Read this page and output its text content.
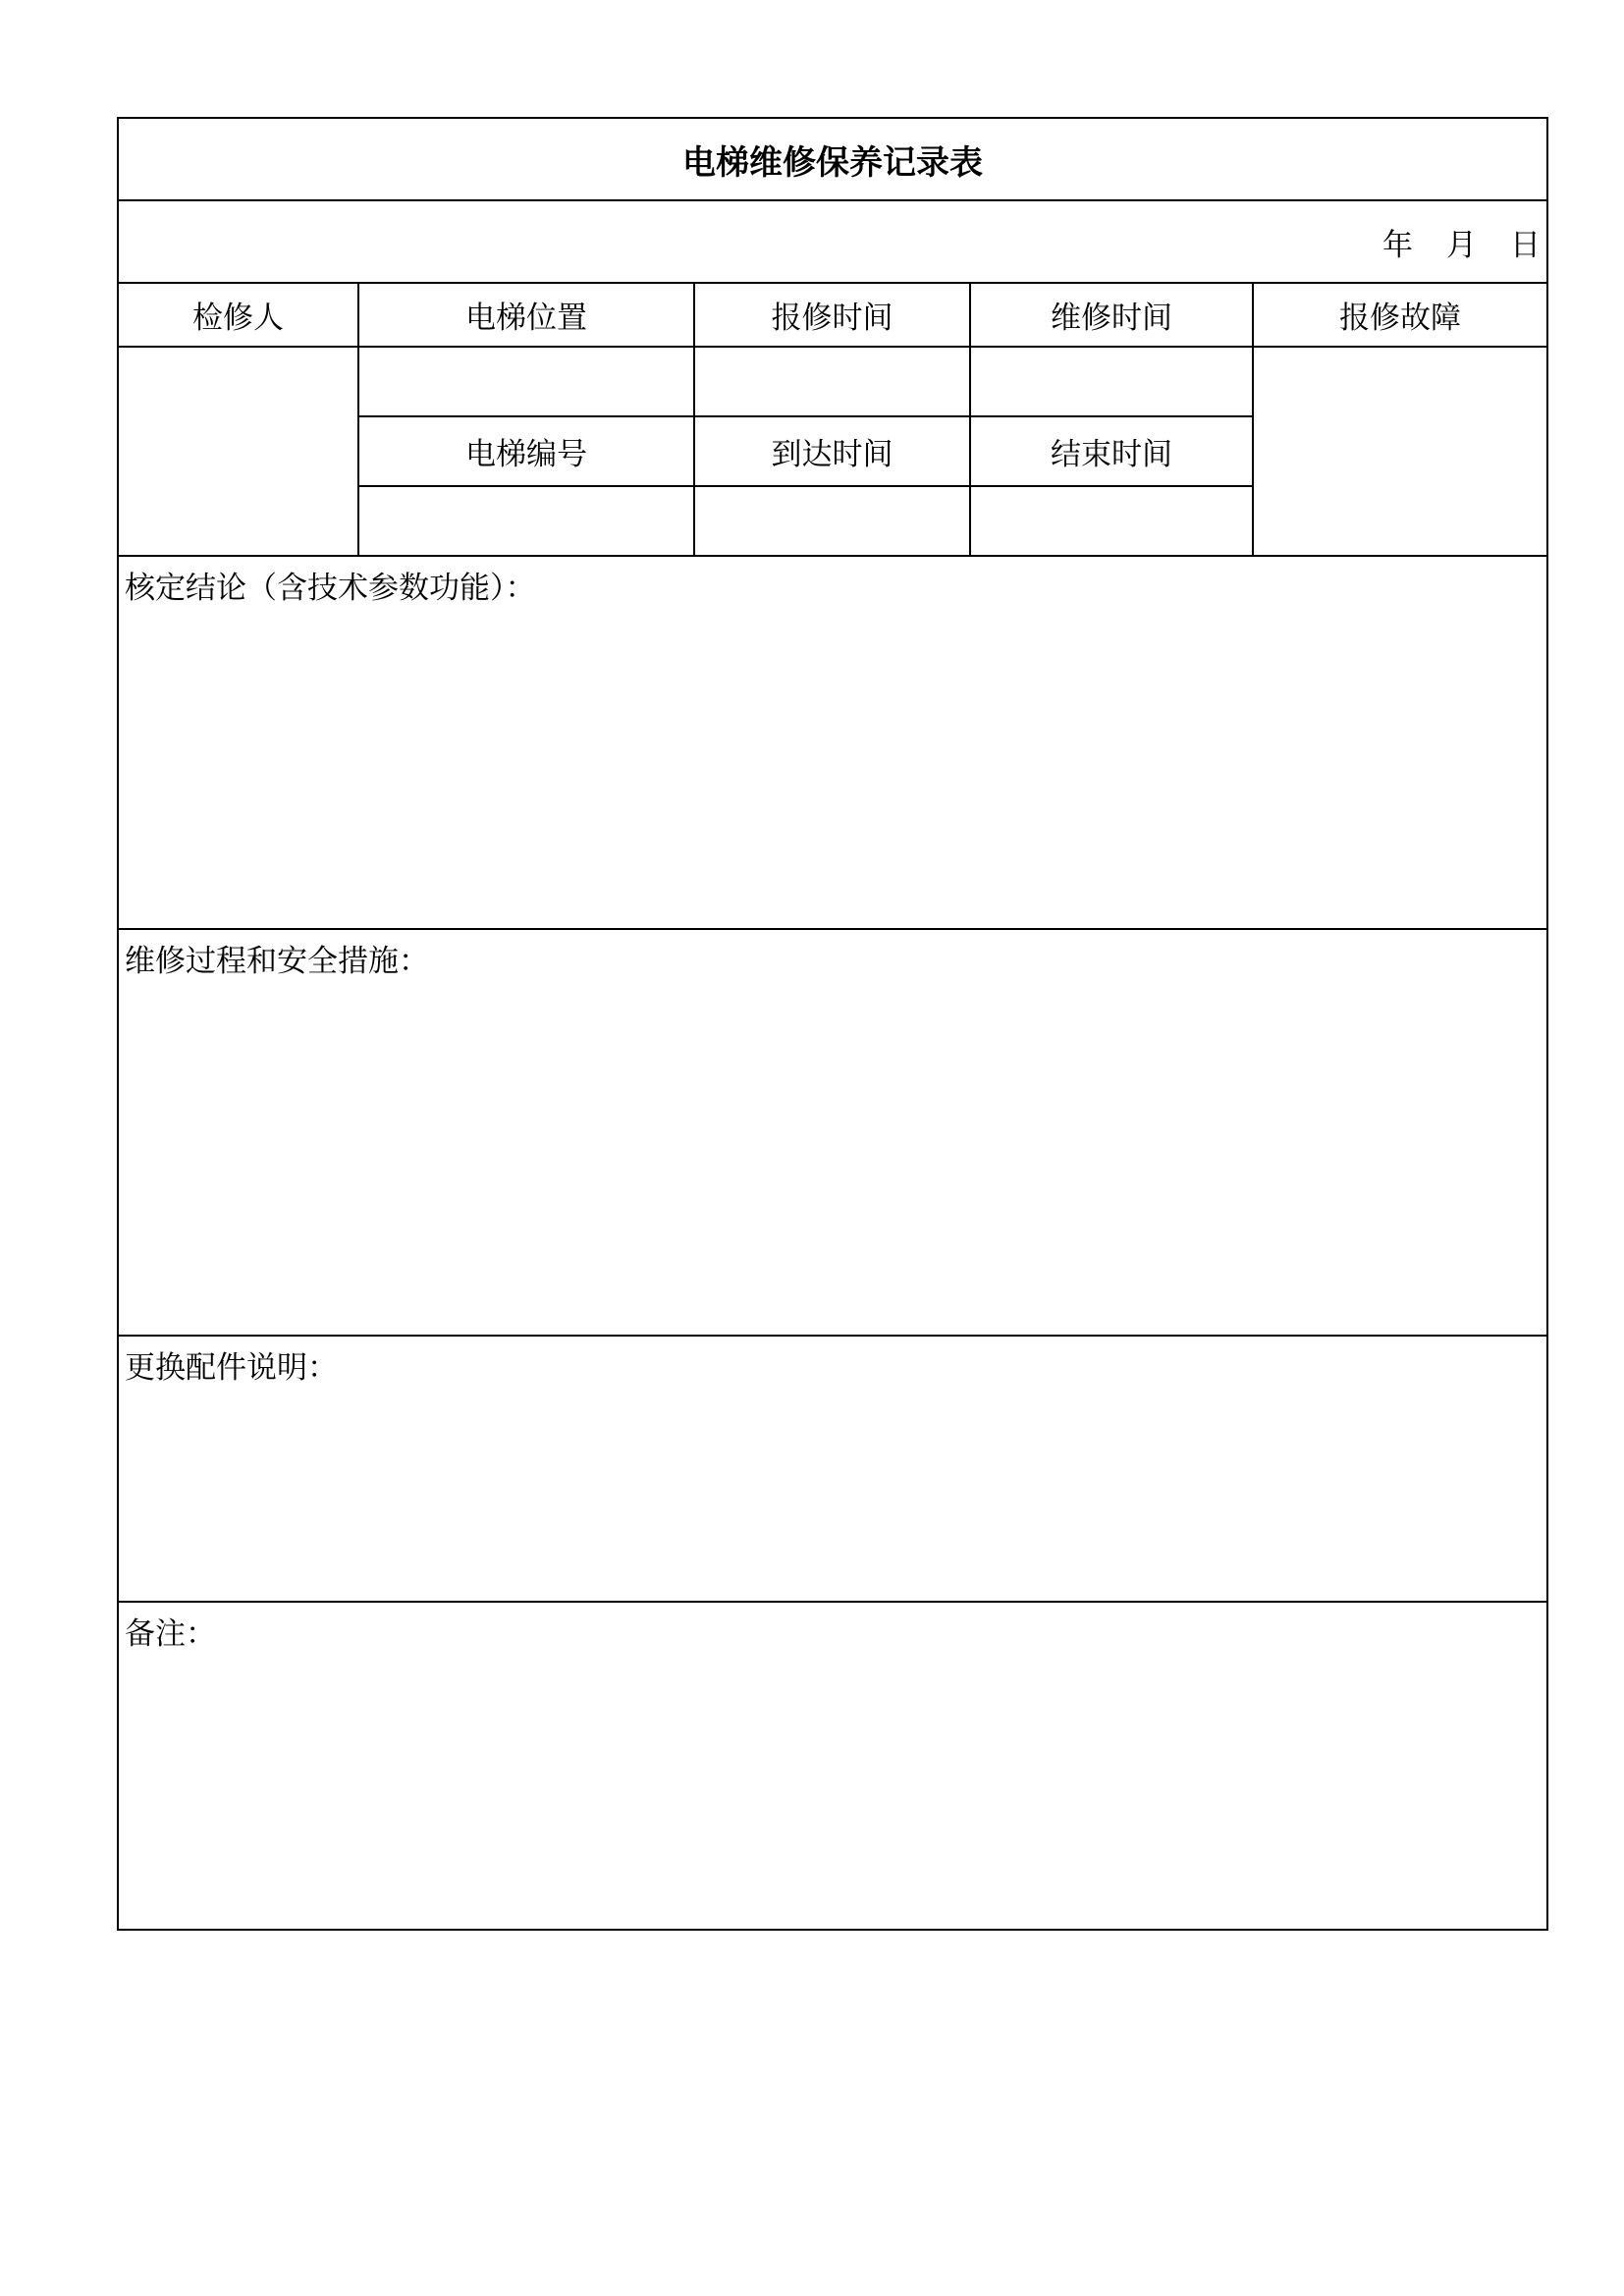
电梯维修保养记录表				
年 月 日				
检修人	电梯位置	报修时间	维修时间	报修故障

	电梯编号	到达时间	结束时间	

核定结论（含技术参数功能）：				
维修过程和安全措施：				
更换配件说明：				
备注：				
